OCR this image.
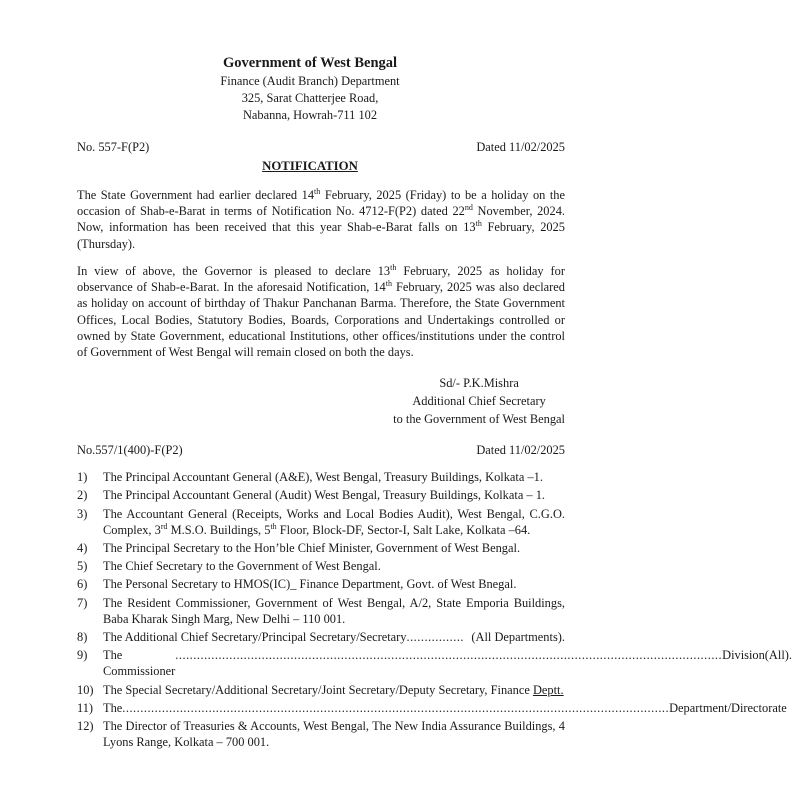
Government of West Bengal
Finance (Audit Branch) Department
325, Sarat Chatterjee Road,
Nabanna, Howrah-711 102
No. 557-F(P2)	Dated 11/02/2025
NOTIFICATION
The State Government had earlier declared 14th February, 2025 (Friday) to be a holiday on the occasion of Shab-e-Barat in terms of Notification No. 4712-F(P2) dated 22nd November, 2024. Now, information has been received that this year Shab-e-Barat falls on 13th February, 2025 (Thursday).
In view of above, the Governor is pleased to declare 13th February, 2025 as holiday for observance of Shab-e-Barat. In the aforesaid Notification, 14th February, 2025 was also declared as holiday on account of birthday of Thakur Panchanan Barma. Therefore, the State Government Offices, Local Bodies, Statutory Bodies, Boards, Corporations and Undertakings controlled or owned by State Government, educational Institutions, other offices/institutions under the control of Government of West Bengal will remain closed on both the days.
Sd/- P.K.Mishra
Additional Chief Secretary
to the Government of West Bengal
No.557/1(400)-F(P2)	Dated 11/02/2025
1) The Principal Accountant General (A&E), West Bengal, Treasury Buildings, Kolkata –1.
2) The Principal Accountant General (Audit) West Bengal, Treasury Buildings, Kolkata – 1.
3) The Accountant General (Receipts, Works and Local Bodies Audit), West Bengal, C.G.O. Complex, 3rd M.S.O. Buildings, 5th Floor, Block-DF, Sector-I, Salt Lake, Kolkata –64.
4) The Principal Secretary to the Hon’ble Chief Minister, Government of West Bengal.
5) The Chief Secretary to the Government of West Bengal.
6) The Personal Secretary to HMOS(IC)_ Finance Department, Govt. of West Bnegal.
7) The Resident Commissioner, Government of West Bengal, A/2, State Emporia Buildings, Baba Kharak Singh Marg, New Delhi – 110 001.
8) The Additional Chief Secretary/Principal Secretary/Secretary ................ (All Departments).
9) The Commissioner
........................................................................................................................................................ Division(All).
10) The Special Secretary/Additional Secretary/Joint Secretary/Deputy Secretary, Finance Deptt.
11) The ........................................................................................................................................................ Department/Directorate
12) The Director of Treasuries & Accounts, West Bengal, The New India Assurance Buildings, 4 Lyons Range, Kolkata – 700 001.
